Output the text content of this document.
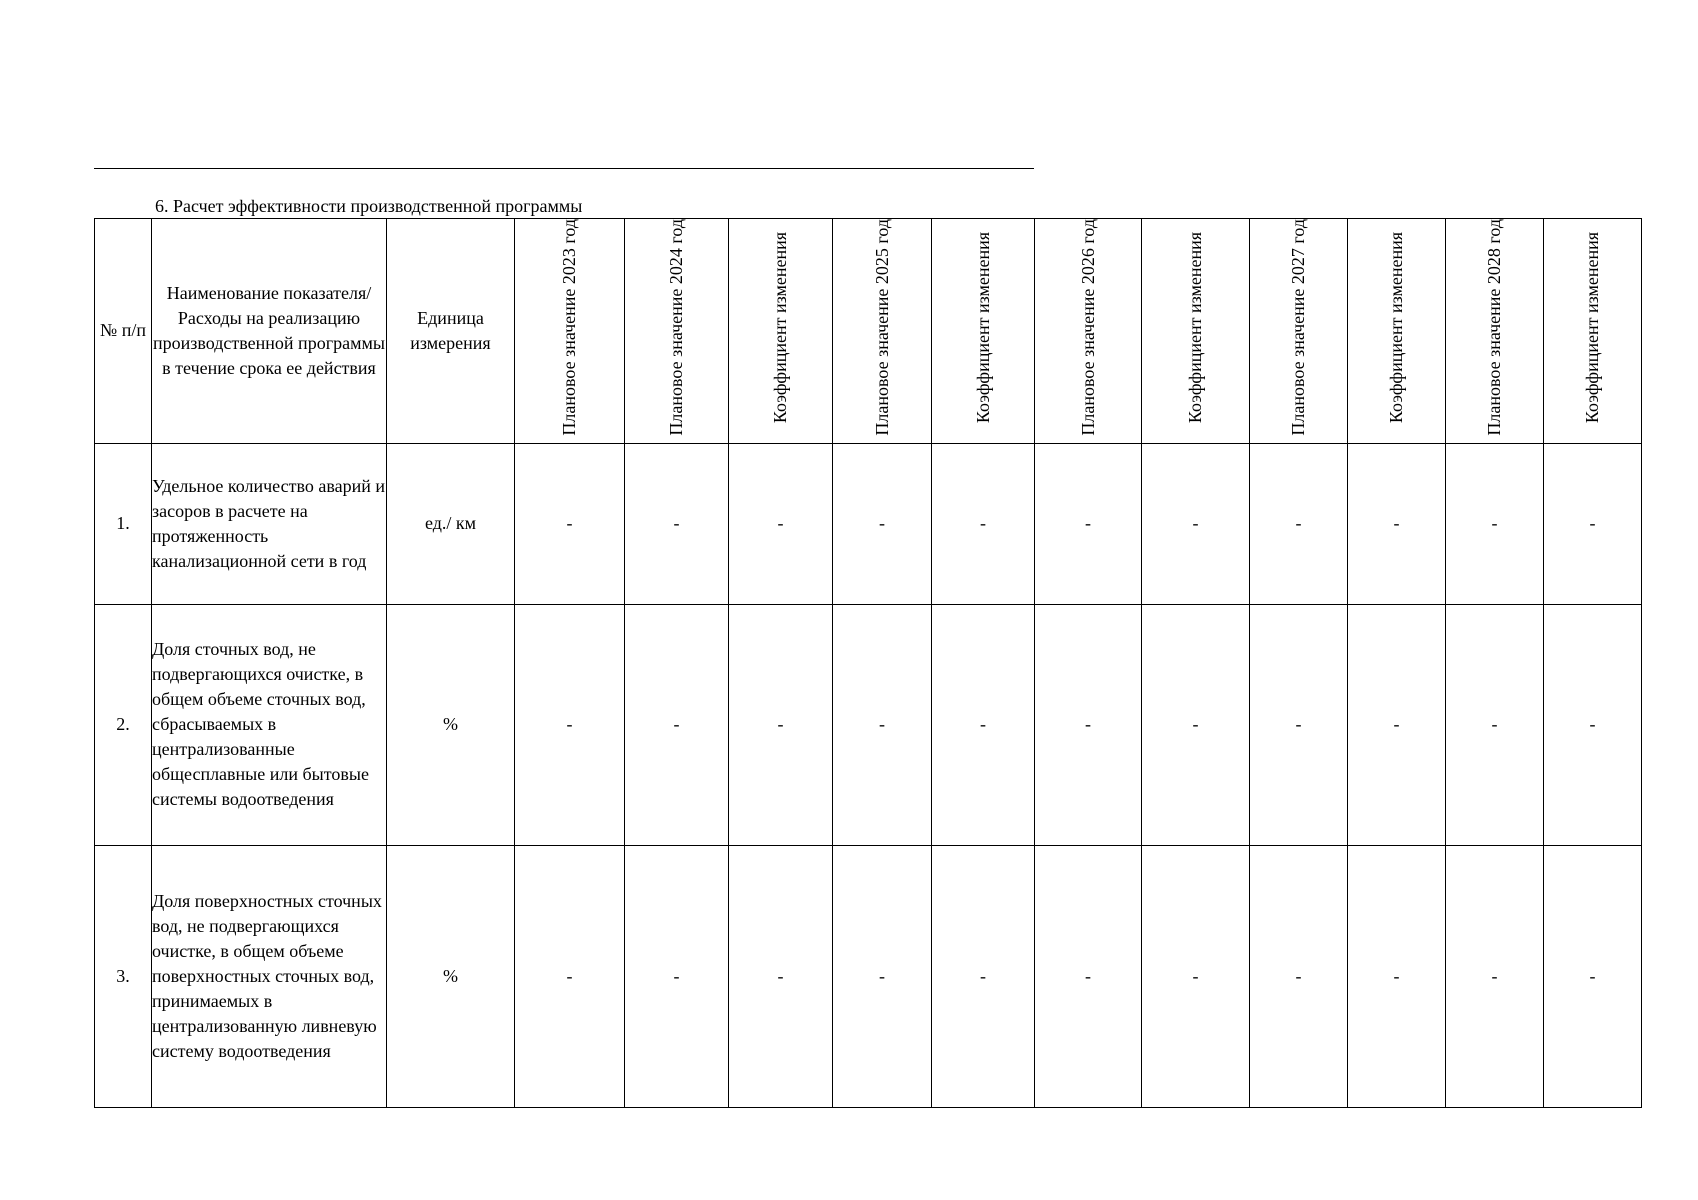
6. Расчет эффективности производственной программы
№ п/п	Наименование показателя/Расходы на реализацию производственной программы в течение срока ее действия	Единица измерения	Плановое значение 2023 год	Плановое значение 2024 год	Коэффициент изменения	Плановое значение 2025 год	Коэффициент изменения	Плановое значение 2026 год	Коэффициент изменения	Плановое значение 2027 год	Коэффициент изменения	Плановое значение 2028 год	Коэффициент изменения
1.	Удельное количество аварий и засоров в расчете на протяженность канализационной сети в год	ед./ км	-	-	-	-	-	-	-	-	-	-	-
2.	Доля сточных вод, не подвергающихся очистке, в общем объеме сточных вод, сбрасываемых в централизованные общесплавные или бытовые системы водоотведения	%	-	-	-	-	-	-	-	-	-	-	-
3.	Доля поверхностных сточных вод, не подвергающихся очистке, в общем объеме поверхностных сточных вод, принимаемых в централизованную ливневую систему водоотведения	%	-	-	-	-	-	-	-	-	-	-	-
